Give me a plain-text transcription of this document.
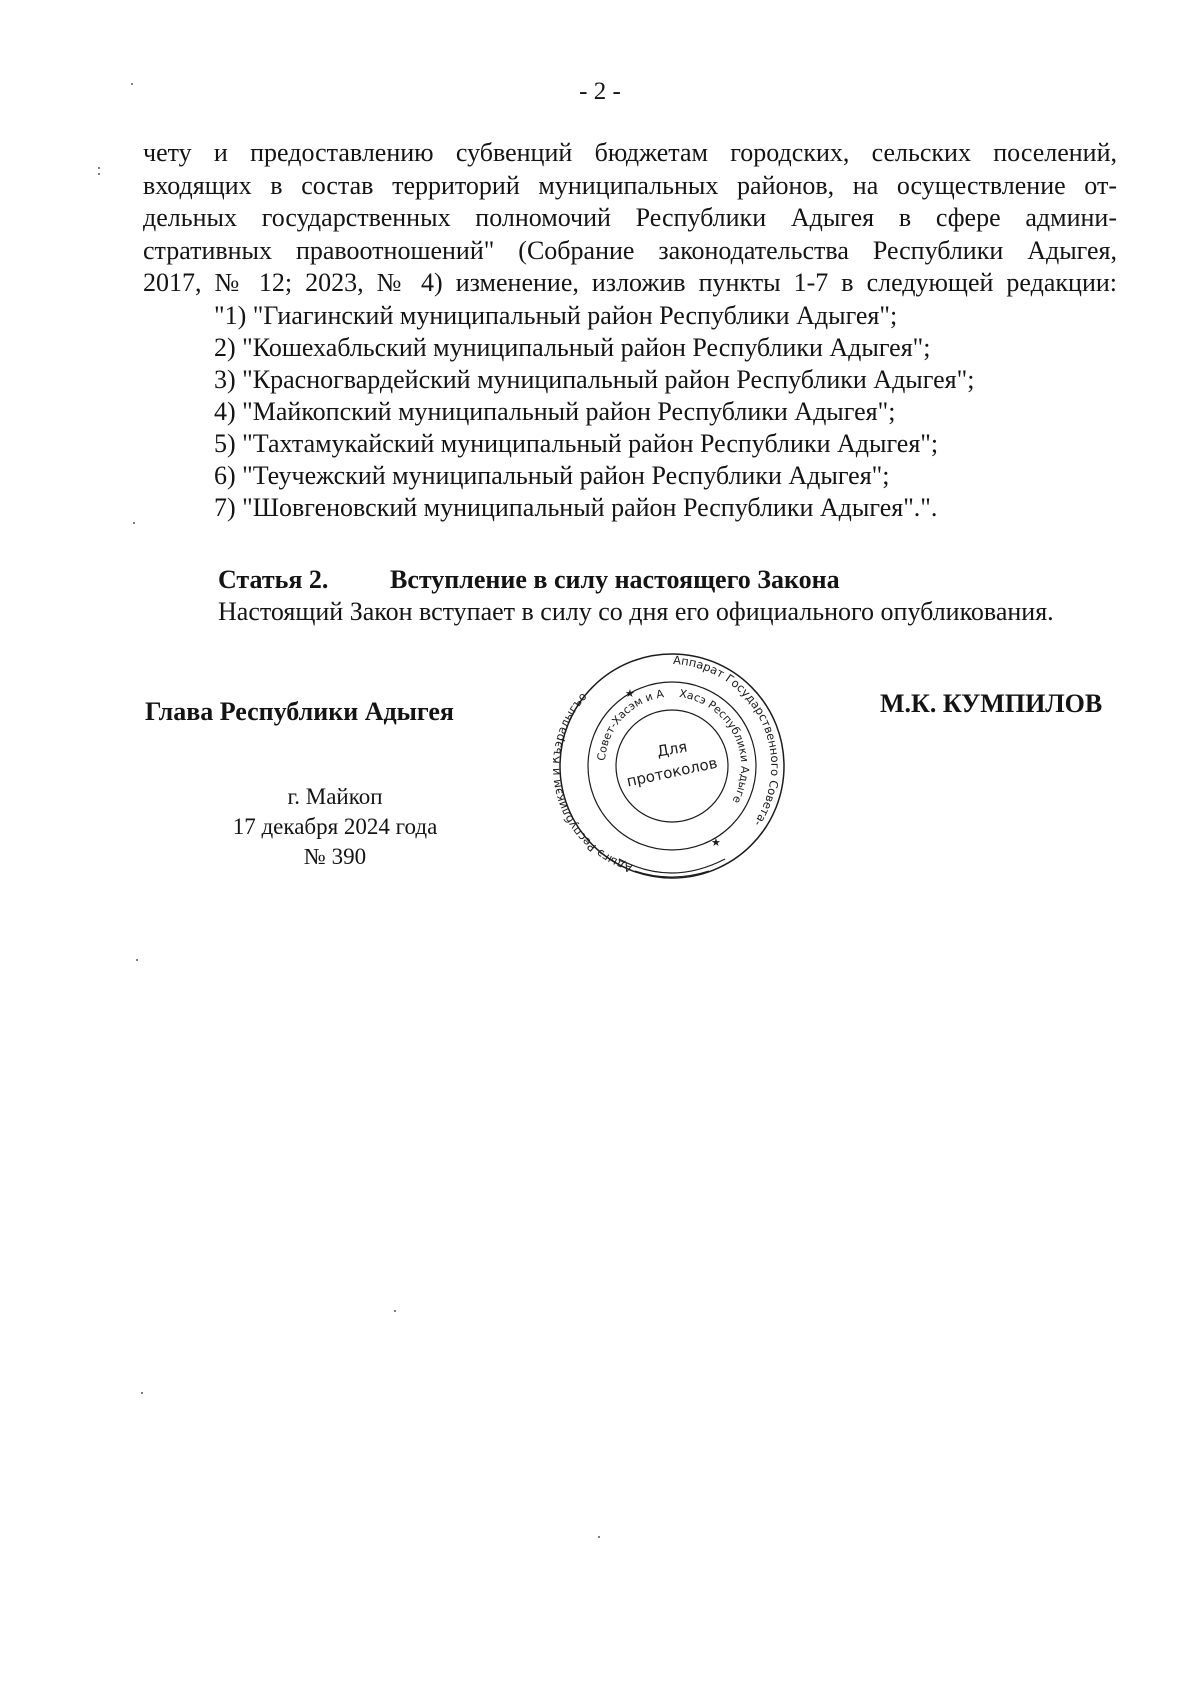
- 2 -
чету и предоставлению субвенций бюджетам городских, сельских поселений,
входящих в состав территорий муниципальных районов, на осуществление от-
дельных государственных полномочий Республики Адыгея в сфере админи-
стративных правоотношений" (Собрание законодательства Республики Адыгея,
2017, № 12; 2023, № 4) изменение, изложив пункты 1-7 в следующей редакции:
"1) "Гиагинский муниципальный район Республики Адыгея";
2) "Кошехабльский муниципальный район Республики Адыгея";
3) "Красногвардейский муниципальный район Республики Адыгея";
4) "Майкопский муниципальный район Республики Адыгея";
5) "Тахтамукайский муниципальный район Республики Адыгея";
6) "Теучежский муниципальный район Республики Адыгея";
7) "Шовгеновский муниципальный район Республики Адыгея".".
Статья 2. Вступление в силу настоящего Закона
Настоящий Закон вступает в силу со дня его официального опубликования.
Глава Республики Адыгея	М.К. КУМПИЛОВ
г. Майкоп
17 декабря 2024 года
№ 390	Адыгэ Республик ралыгъо
Аппарат Государственного Совета-
Совет-Хасэм и А	Хасэ Республики Адыге
Для
протоколов
★
★
